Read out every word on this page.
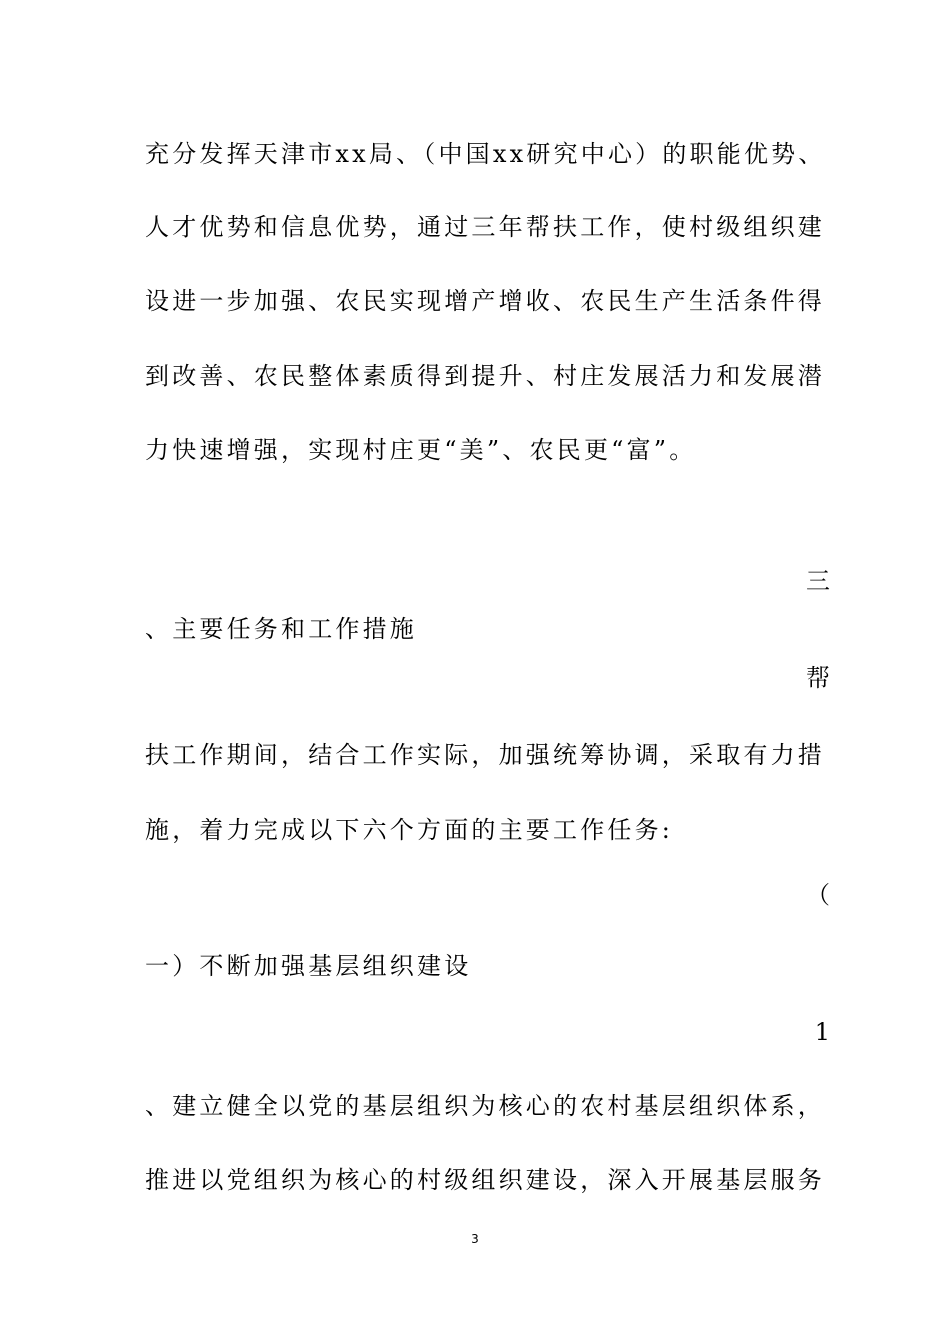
充分发挥天津市xx局、（中国xx研究中心）的职能优势、
人才优势和信息优势，通过三年帮扶工作，使村级组织建
设进一步加强、农民实现增产增收、农民生产生活条件得
到改善、农民整体素质得到提升、村庄发展活力和发展潜
力快速增强，实现村庄更“美”、农民更“富”。
三
、主要任务和工作措施
帮
扶工作期间，结合工作实际，加强统筹协调，采取有力措
施，着力完成以下六个方面的主要工作任务:
（
一）不断加强基层组织建设
1
、建立健全以党的基层组织为核心的农村基层组织体系，
推进以党组织为核心的村级组织建设，深入开展基层服务
3
